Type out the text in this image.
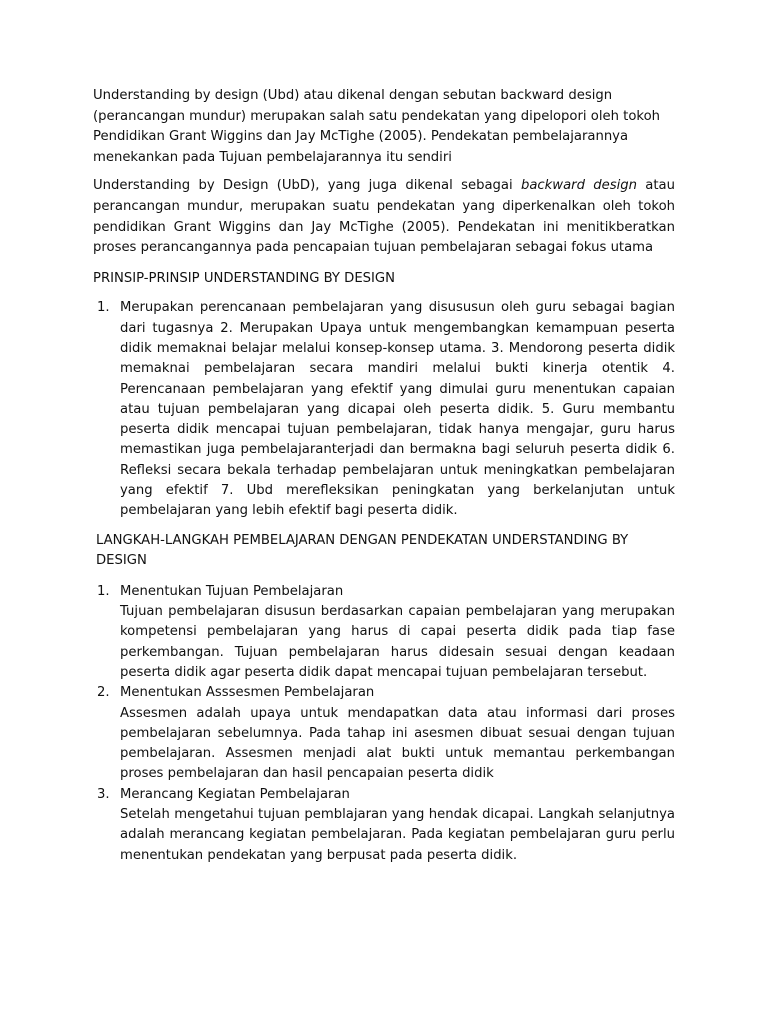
Understanding by design (Ubd) atau dikenal dengan sebutan backward design (perancangan mundur) merupakan salah satu pendekatan yang dipelopori oleh tokoh Pendidikan Grant Wiggins dan Jay McTighe (2005). Pendekatan pembelajarannya menekankan pada Tujuan pembelajarannya itu sendiri

Understanding by Design (UbD), yang juga dikenal sebagai backward design atau perancangan mundur, merupakan suatu pendekatan yang diperkenalkan oleh tokoh pendidikan Grant Wiggins dan Jay McTighe (2005). Pendekatan ini menitikberatkan proses perancangannya pada pencapaian tujuan pembelajaran sebagai fokus utama

PRINSIP-PRINSIP UNDERSTANDING BY DESIGN

1. Merupakan perencanaan pembelajaran yang disususun oleh guru sebagai bagian dari tugasnya 2. Merupakan Upaya untuk mengembangkan kemampuan peserta didik memaknai belajar melalui konsep-konsep utama. 3. Mendorong peserta didik memaknai pembelajaran secara mandiri melalui bukti kinerja otentik 4. Perencanaan pembelajaran yang efektif yang dimulai guru menentukan capaian atau tujuan pembelajaran yang dicapai oleh peserta didik. 5. Guru membantu peserta didik mencapai tujuan pembelajaran, tidak hanya mengajar, guru harus memastikan juga pembelajaranterjadi dan bermakna bagi seluruh peserta didik 6. Refleksi secara bekala terhadap pembelajaran untuk meningkatkan pembelajaran yang efektif 7. Ubd merefleksikan peningkatan yang berkelanjutan untuk pembelajaran yang lebih efektif bagi peserta didik.

LANGKAH-LANGKAH PEMBELAJARAN DENGAN PENDEKATAN UNDERSTANDING BY DESIGN

1. Menentukan Tujuan Pembelajaran
Tujuan pembelajaran disusun berdasarkan capaian pembelajaran yang merupakan kompetensi pembelajaran yang harus di capai peserta didik pada tiap fase perkembangan. Tujuan pembelajaran harus didesain sesuai dengan keadaan peserta didik agar peserta didik dapat mencapai tujuan pembelajaran tersebut.
2. Menentukan Asssesmen Pembelajaran
Assesmen adalah upaya untuk mendapatkan data atau informasi dari proses pembelajaran sebelumnya. Pada tahap ini asesmen dibuat sesuai dengan tujuan pembelajaran. Assesmen menjadi alat bukti untuk memantau perkembangan proses pembelajaran dan hasil pencapaian peserta didik
3. Merancang Kegiatan Pembelajaran
Setelah mengetahui tujuan pemblajaran yang hendak dicapai. Langkah selanjutnya adalah merancang kegiatan pembelajaran. Pada kegiatan pembelajaran guru perlu menentukan pendekatan yang berpusat pada peserta didik.
